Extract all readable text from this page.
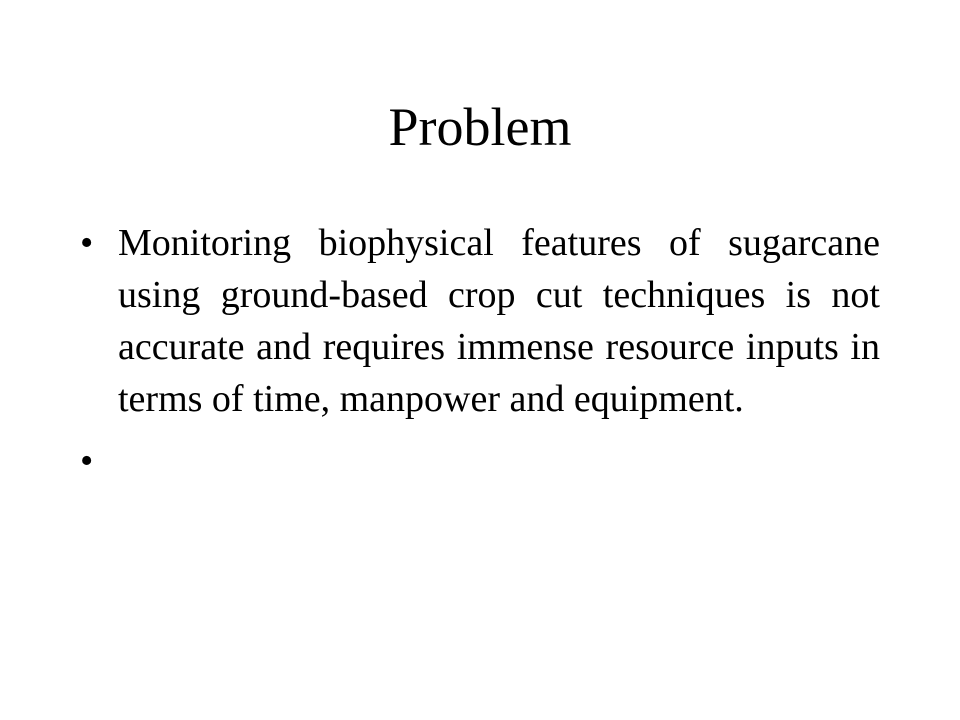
Problem
• Monitoring biophysical features of sugarcane using ground-based crop cut techniques is not accurate and requires immense resource inputs in terms of time, manpower and equipment.
•
